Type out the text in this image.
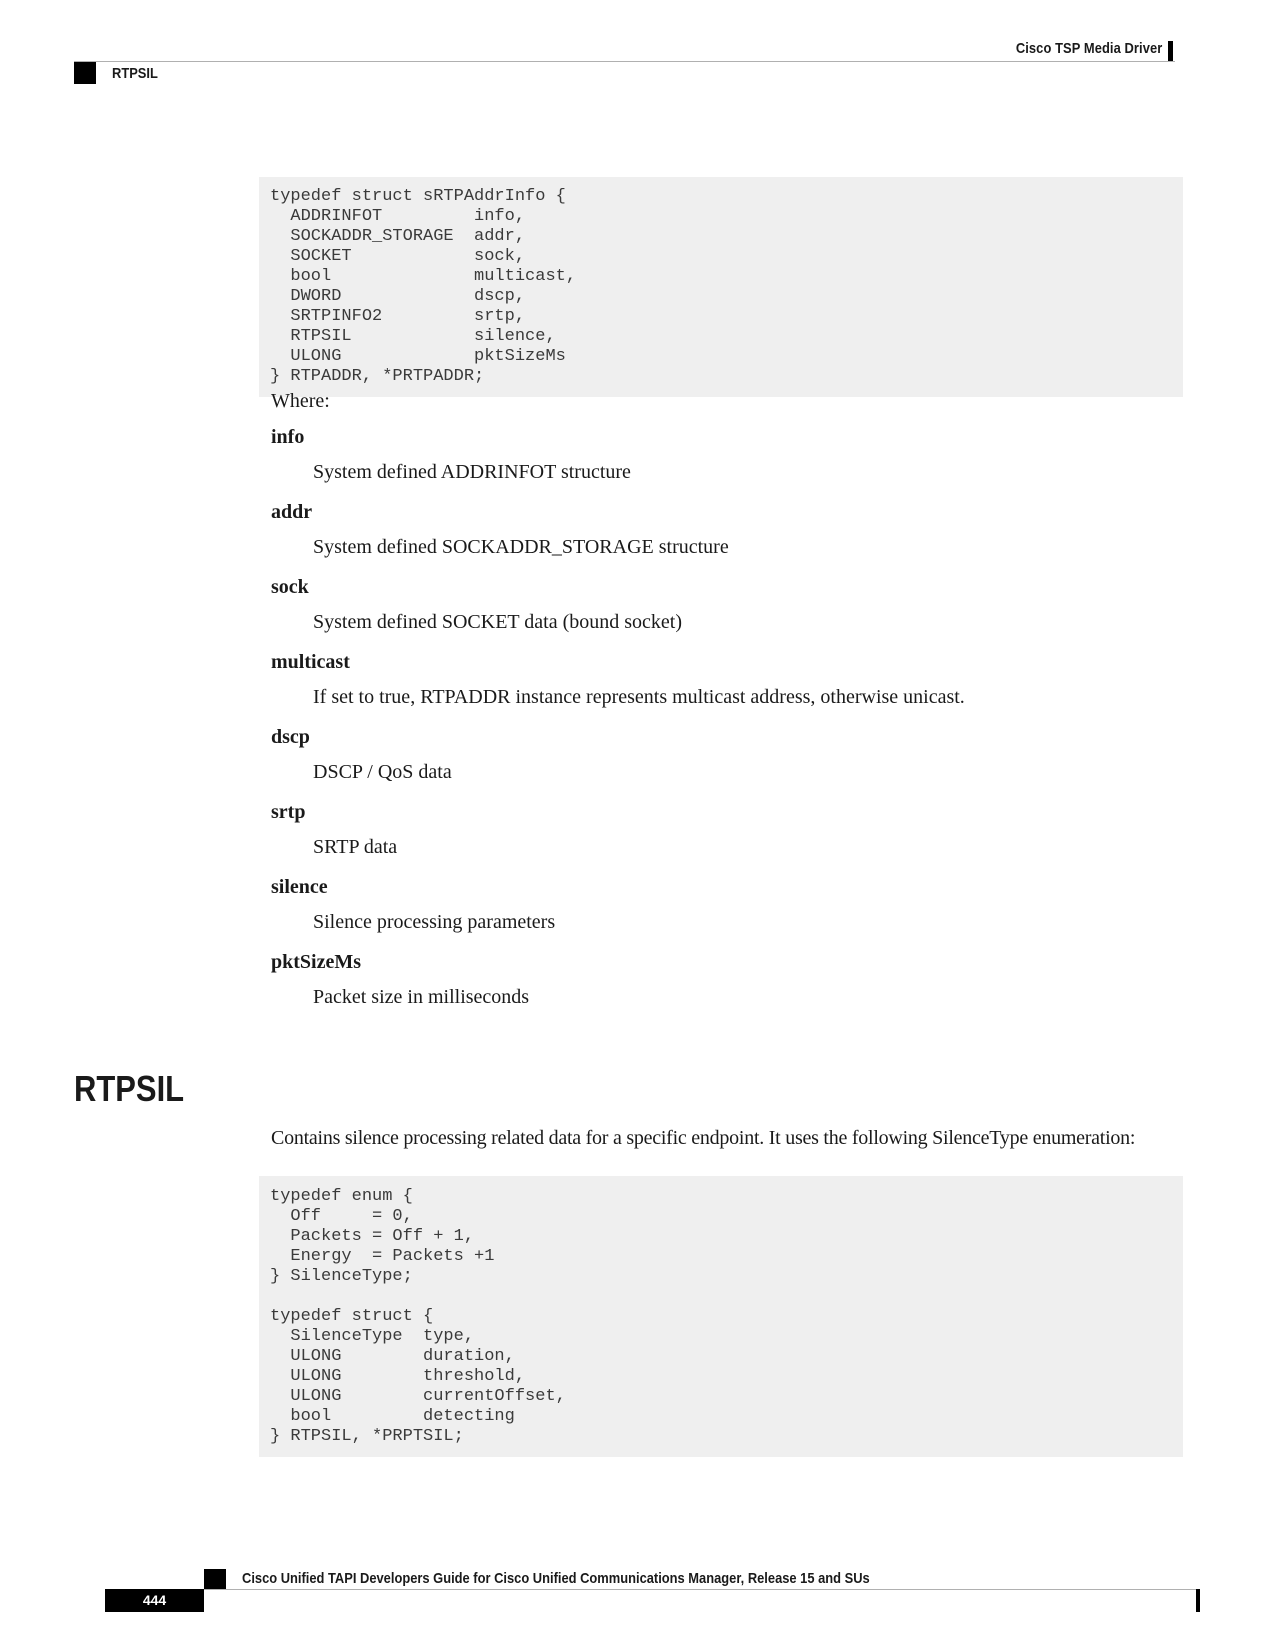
Cisco TSP Media Driver
RTPSIL
typedef struct sRTPAddrInfo {
ADDRINFOT         info,
SOCKADDR_STORAGE  addr,
SOCKET            sock,
bool              multicast,
DWORD             dscp,
SRTPINFO2         srtp,
RTPSIL            silence,
ULONG             pktSizeMs
} RTPADDR, *PRTPADDR;
Where:
info
System defined ADDRINFOT structure
addr
System defined SOCKADDR_STORAGE structure
sock
System defined SOCKET data (bound socket)
multicast
If set to true, RTPADDR instance represents multicast address, otherwise unicast.
dscp
DSCP / QoS data
srtp
SRTP data
silence
Silence processing parameters
pktSizeMs
Packet size in milliseconds
RTPSIL
Contains silence processing related data for a specific endpoint. It uses the following SilenceType enumeration:
typedef enum {
Off     = 0,
Packets = Off + 1,
Energy  = Packets +1
} SilenceType;

typedef struct {
SilenceType  type,
ULONG        duration,
ULONG        threshold,
ULONG        currentOffset,
bool         detecting
} RTPSIL, *PRPTSIL;
Cisco Unified TAPI Developers Guide for Cisco Unified Communications Manager, Release 15 and SUs
444
